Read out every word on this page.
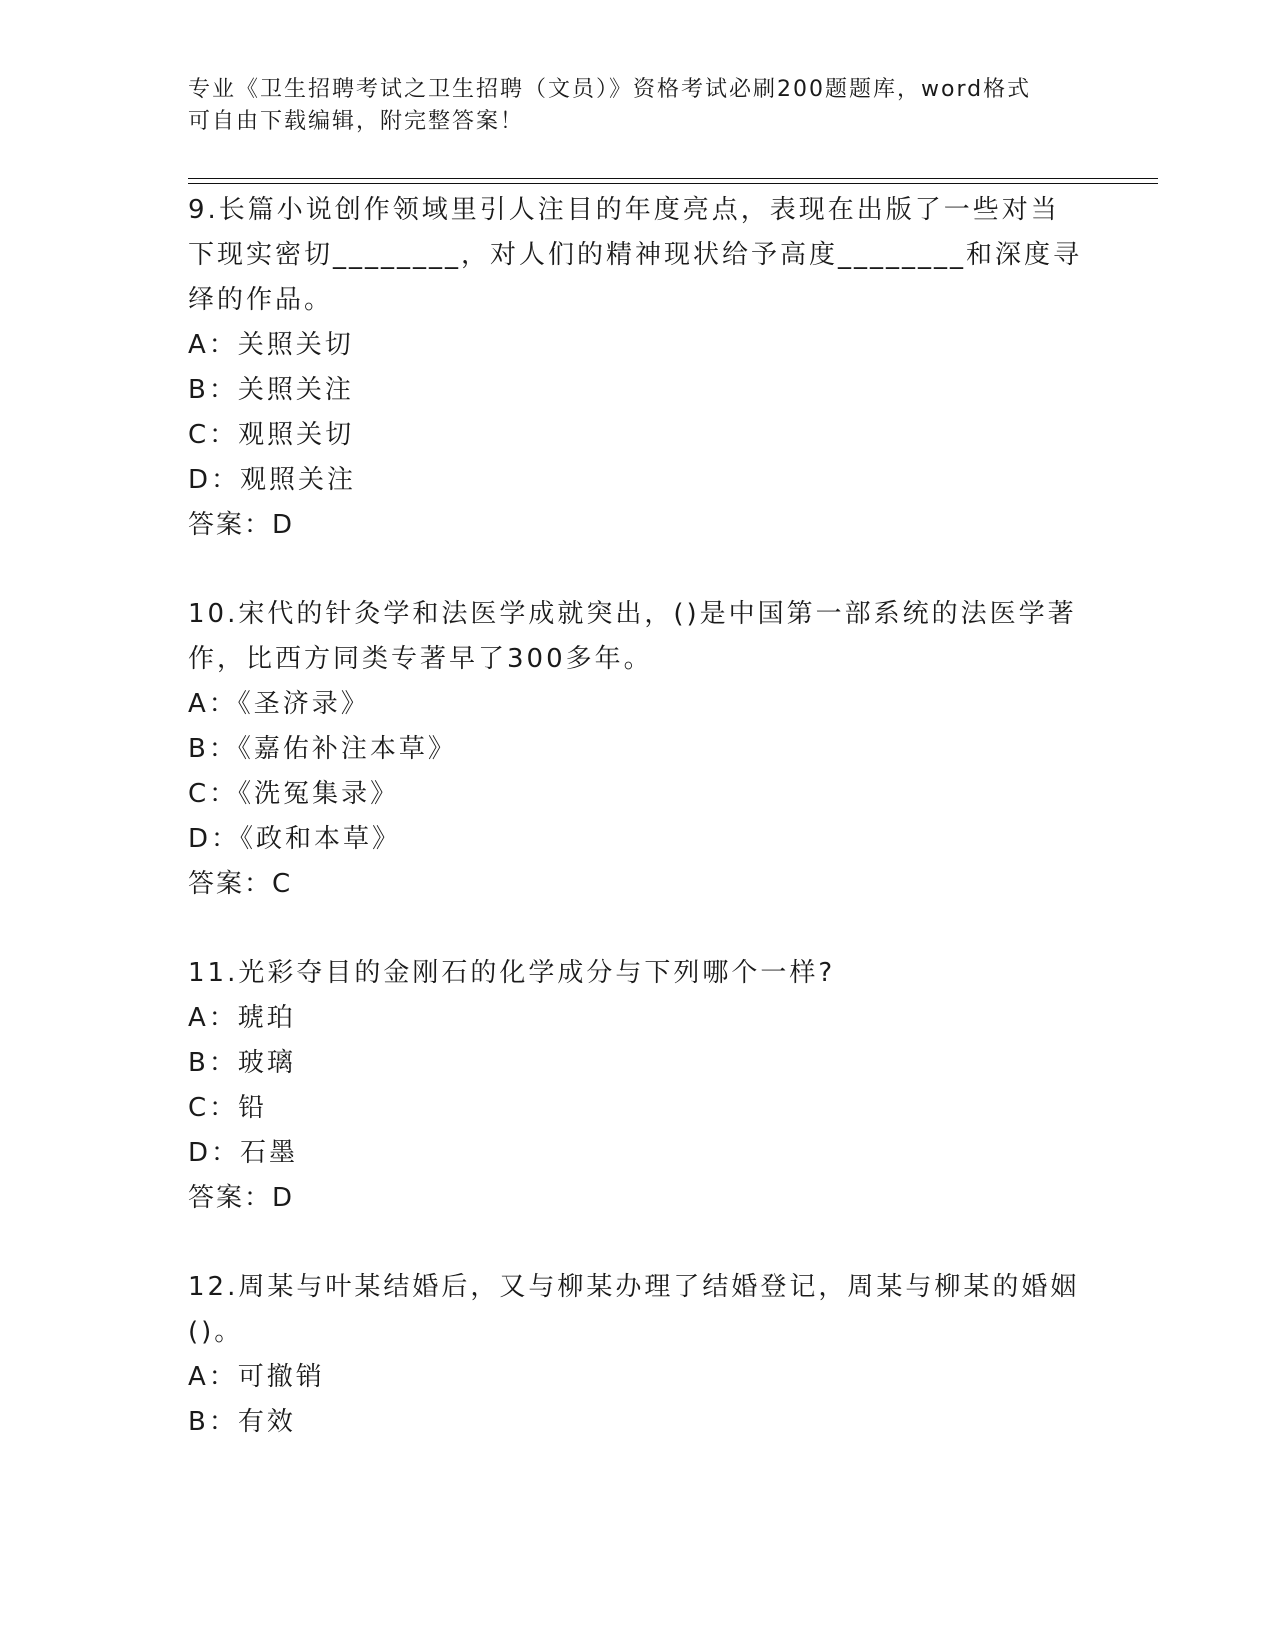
专业《卫生招聘考试之卫生招聘（文员）》资格考试必刷200题题库，word格式
可自由下载编辑，附完整答案！

9.长篇小说创作领域里引人注目的年度亮点，表现在出版了一些对当下现实密切________，对人们的精神现状给予高度________和深度寻绎的作品。

A：关照关切

B：关照关注

C：观照关切

D：观照关注

答案：D

10.宋代的针灸学和法医学成就突出，()是中国第一部系统的法医学著作，比西方同类专著早了300多年。

A：《圣济录》

B：《嘉佑补注本草》

C：《洗冤集录》

D：《政和本草》

答案：C

11.光彩夺目的金刚石的化学成分与下列哪个一样?

A：琥珀

B：玻璃

C：铅

D：石墨

答案：D

12.周某与叶某结婚后，又与柳某办理了结婚登记，周某与柳某的婚姻()。

A：可撤销

B：有效
